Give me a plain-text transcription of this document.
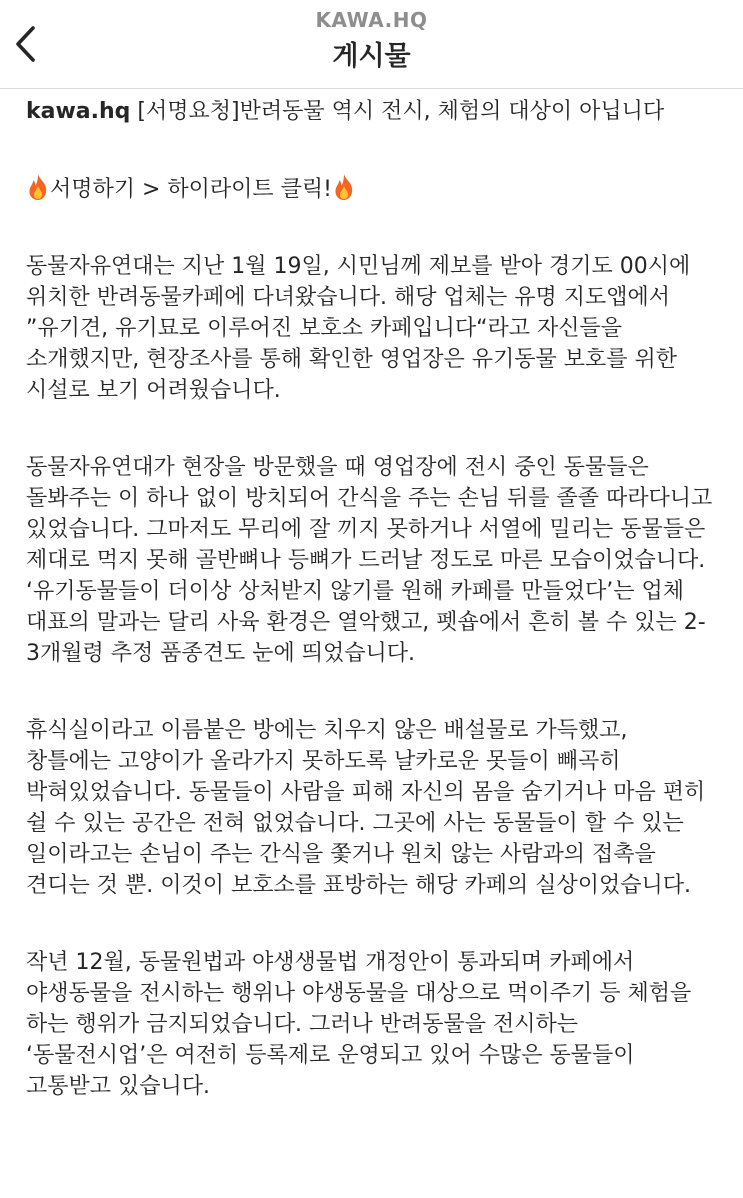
KAWA.HQ
게시물

kawa.hq [서명요청]반려동물 역시 전시, 체험의 대상이 아닙니다

서명하기 > 하이라이트 클릭!

동물자유연대는 지난 1월 19일, 시민님께 제보를 받아 경기도 00시에 위치한 반려동물카페에 다녀왔습니다. 해당 업체는 유명 지도앱에서 ”유기견, 유기묘로 이루어진 보호소 카페입니다“라고 자신들을 소개했지만, 현장조사를 통해 확인한 영업장은 유기동물 보호를 위한 시설로 보기 어려웠습니다.

동물자유연대가 현장을 방문했을 때 영업장에 전시 중인 동물들은 돌봐주는 이 하나 없이 방치되어 간식을 주는 손님 뒤를 졸졸 따라다니고 있었습니다. 그마저도 무리에 잘 끼지 못하거나 서열에 밀리는 동물들은 제대로 먹지 못해 골반뼈나 등뼈가 드러날 정도로 마른 모습이었습니다. ‘유기동물들이 더이상 상처받지 않기를 원해 카페를 만들었다’는 업체 대표의 말과는 달리 사육 환경은 열악했고, 펫숍에서 흔히 볼 수 있는 2-3개월령 추정 품종견도 눈에 띄었습니다.

휴식실이라고 이름붙은 방에는 치우지 않은 배설물로 가득했고, 창틀에는 고양이가 올라가지 못하도록 날카로운 못들이 빼곡히 박혀있었습니다. 동물들이 사람을 피해 자신의 몸을 숨기거나 마음 편히 쉴 수 있는 공간은 전혀 없었습니다. 그곳에 사는 동물들이 할 수 있는 일이라고는 손님이 주는 간식을 쫓거나 원치 않는 사람과의 접촉을 견디는 것 뿐. 이것이 보호소를 표방하는 해당 카페의 실상이었습니다.

작년 12월, 동물원법과 야생생물법 개정안이 통과되며 카페에서 야생동물을 전시하는 행위나 야생동물을 대상으로 먹이주기 등 체험을 하는 행위가 금지되었습니다. 그러나 반려동물을 전시하는 ‘동물전시업’은 여전히 등록제로 운영되고 있어 수많은 동물들이 고통받고 있습니다.
